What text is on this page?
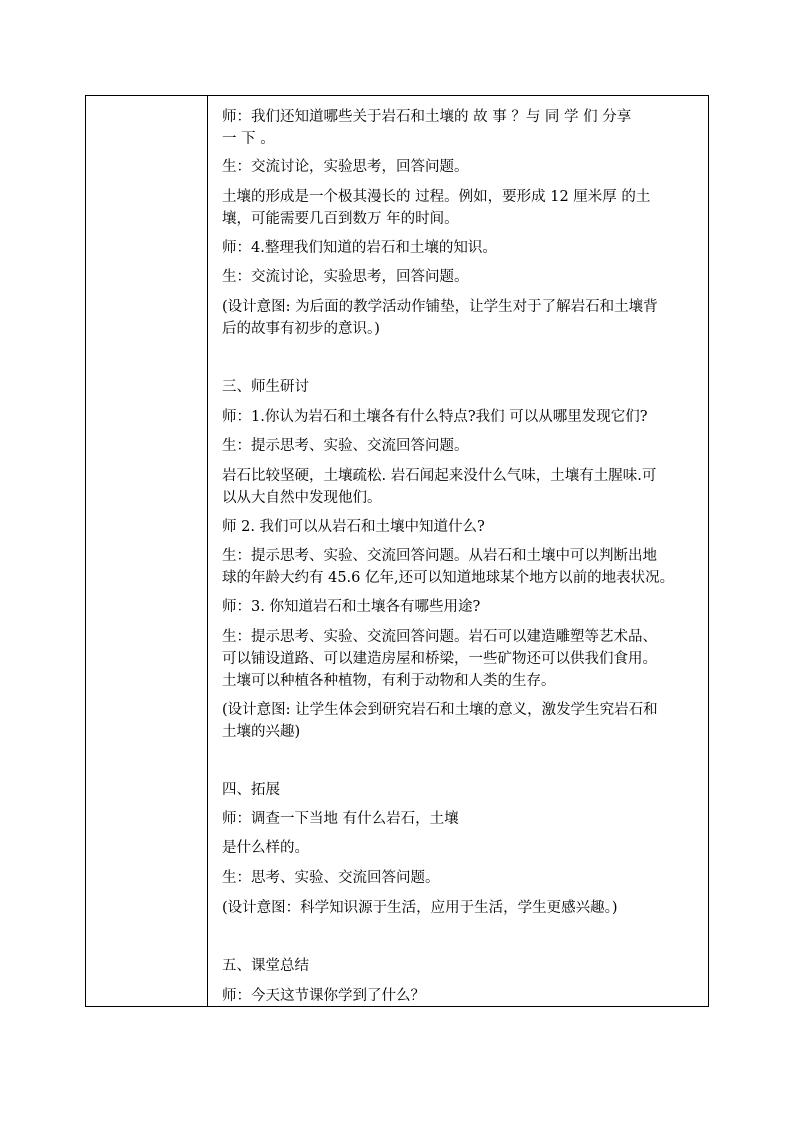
师：我们还知道哪些关于岩石和土壤的 故 事 ？与 同 学 们 分享
一 下 。
生：交流讨论，实验思考，回答问题。
土壤的形成是一个极其漫长的 过程。例如，要形成 12 厘米厚 的土
壤，可能需要几百到数万 年的时间。
师：4.整理我们知道的岩石和土壤的知识。
生：交流讨论，实验思考，回答问题。
(设计意图: 为后面的教学活动作铺垫，让学生对于了解岩石和土壤背
后的故事有初步的意识。)
三、师生研讨
师：1.你认为岩石和土壤各有什么特点?我们 可以从哪里发现它们?
生：提示思考、实验、交流回答问题。
岩石比较坚硬，土壤疏松. 岩石闻起来没什么气味，土壤有土腥味.可
以从大自然中发现他们。
师 2. 我们可以从岩石和土壤中知道什么?
生：提示思考、实验、交流回答问题。从岩石和土壤中可以判断出地
球的年龄大约有 45.6 亿年,还可以知道地球某个地方以前的地表状况。
师：3. 你知道岩石和土壤各有哪些用途?
生：提示思考、实验、交流回答问题。岩石可以建造雕塑等艺术品、
可以铺设道路、可以建造房屋和桥梁，一些矿物还可以供我们食用。
土壤可以种植各种植物，有利于动物和人类的生存。
(设计意图: 让学生体会到研究岩石和土壤的意义，激发学生究岩石和
土壤的兴趣)
四、拓展
师：调查一下当地 有什么岩石，土壤
是什么样的。
生：思考、实验、交流回答问题。
(设计意图：科学知识源于生活，应用于生活，学生更感兴趣。)
五、课堂总结
师：今天这节课你学到了什么？
